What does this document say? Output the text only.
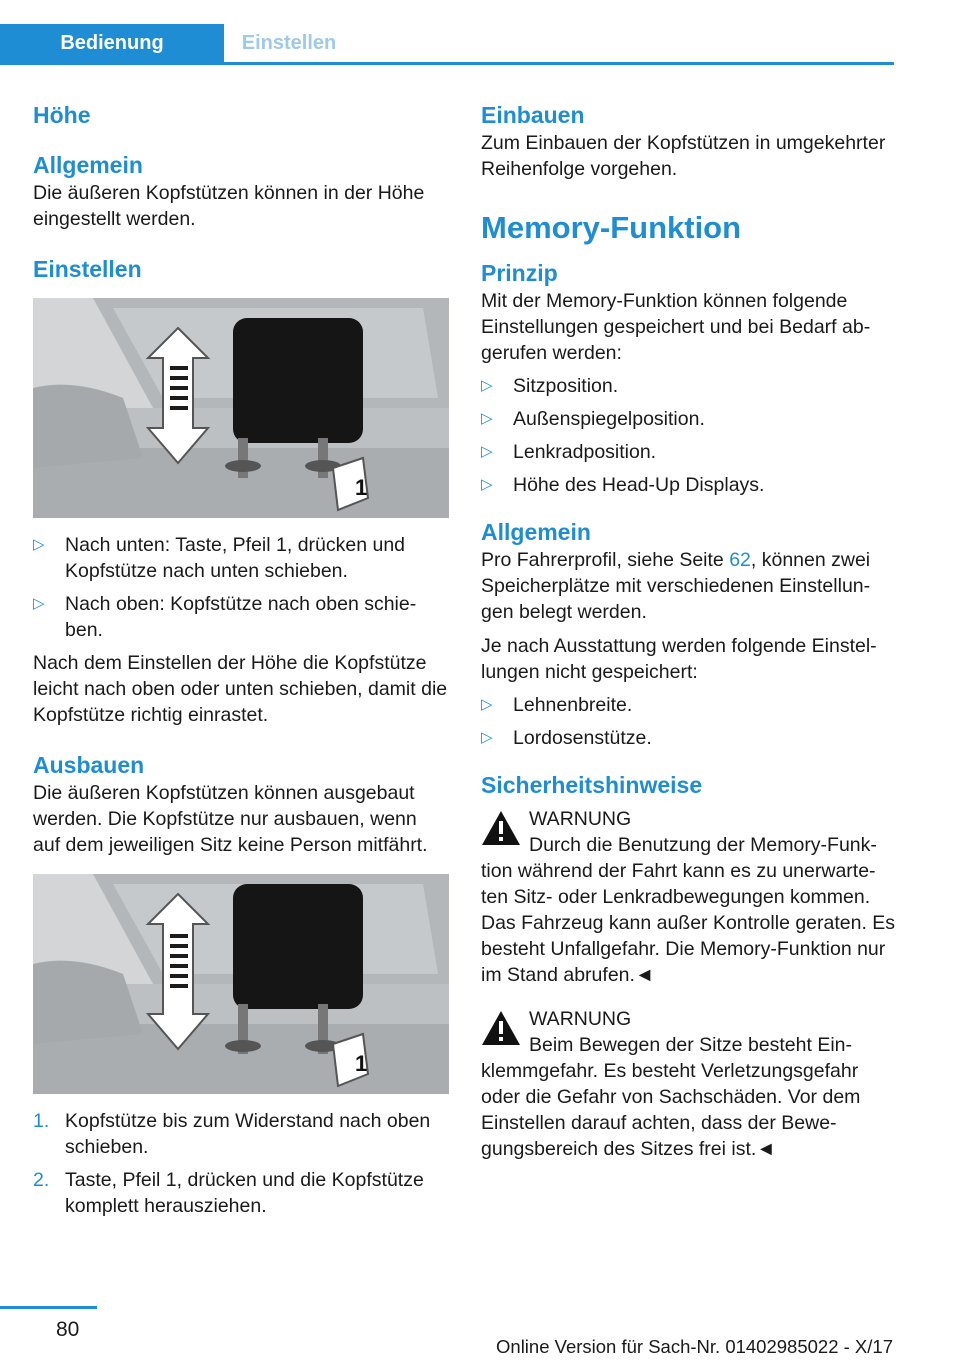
Bedienung	Einstellen
Höhe
Allgemein

Die äußeren Kopfstützen können in der Höhe eingestellt werden.

Einstellen
1
▷ Nach unten: Taste, Pfeil 1, drücken und Kopfstütze nach unten schieben.
▷ Nach oben: Kopfstütze nach oben schie‐ben.

Nach dem Einstellen der Höhe die Kopfstütze leicht nach oben oder unten schieben, damit die Kopfstütze richtig einrastet.

Ausbauen

Die äußeren Kopfstützen können ausgebaut werden. Die Kopfstütze nur ausbauen, wenn auf dem jeweiligen Sitz keine Person mitfährt.

1
1. Kopfstütze bis zum Widerstand nach oben schieben.
2. Taste, Pfeil 1, drücken und die Kopfstütze komplett herausziehen.
Einbauen

Zum Einbauen der Kopfstützen in umgekehrter Reihenfolge vorgehen.

Memory-Funktion
Prinzip

Mit der Memory-Funktion können folgende Einstellungen gespeichert und bei Bedarf ab‐gerufen werden:

▷ Sitzposition.
▷ Außenspiegelposition.
▷ Lenkradposition.
▷ Höhe des Head-Up Displays.
Allgemein

Pro Fahrerprofil, siehe Seite 62, können zwei Speicherplätze mit verschiedenen Einstellun‐gen belegt werden.

Je nach Ausstattung werden folgende Einstel‐lungen nicht gespeichert:

▷ Lehnenbreite.
▷ Lordosenstütze.
Sicherheitshinweise

WARNUNG

Durch die Benutzung der Memory-Funk‐tion während der Fahrt kann es zu unerwarte‐ten Sitz- oder Lenkradbewegungen kommen. Das Fahrzeug kann außer Kontrolle geraten. Es besteht Unfallgefahr. Die Memory-Funktion nur im Stand abrufen.◄

WARNUNG

Beim Bewegen der Sitze besteht Ein‐klemmgefahr. Es besteht Verletzungsgefahr oder die Gefahr von Sachschäden. Vor dem Einstellen darauf achten, dass der Bewe‐gungsbereich des Sitzes frei ist.◄

80
Online Version für Sach-Nr. 01402985022 - X/17
